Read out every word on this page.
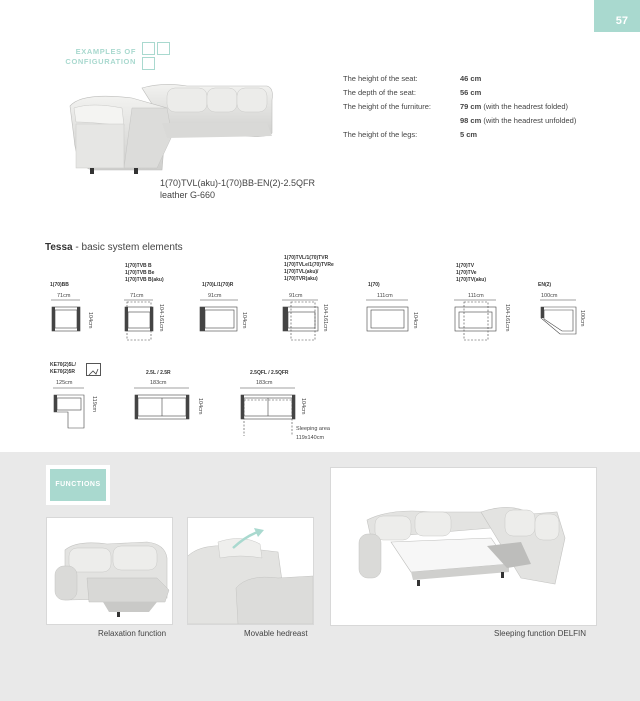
57
EXAMPLES OF
CONFIGURATION
The height of the seat:	46 cm
The depth of the seat:	56 cm
The height of the furniture:	79 cm (with the headrest folded)
98 cm (with the headrest unfolded)
The height of the legs:	5 cm
1(70)TVL(aku)-1(70)BB-EN(2)-2.5QFR
leather G-660
Tessa - basic system elements
1(70)BB
1(70)TVB B
1(70)TVB Be
1(70)TVB B(aku)
1(70)L/1(70)R
1(70)TVL/1(70)TVR
1(70)TVLe/1(70)TVRe
1(70)TVL(aku)/
1(70)TVR(aku)
1(70)
1(70)TV
1(70)TVe
1(70)TV(aku)
EN(2)
71cm	71cm	91cm	91cm	111cm	111cm	100cm
104cm	104-161cm	104cm	104-161cm	104cm	104-161cm	100cm
KE70(2)5L/
KE70(2)5R	2.5L / 2.5R	2.5QFL / 2.5QFR
125cm	183cm	183cm
119cm	104cm	104cm
Sleeping area
119x140cm
FUNCTIONS
Relaxation function	Movable hedreast	Sleeping function DELFIN
